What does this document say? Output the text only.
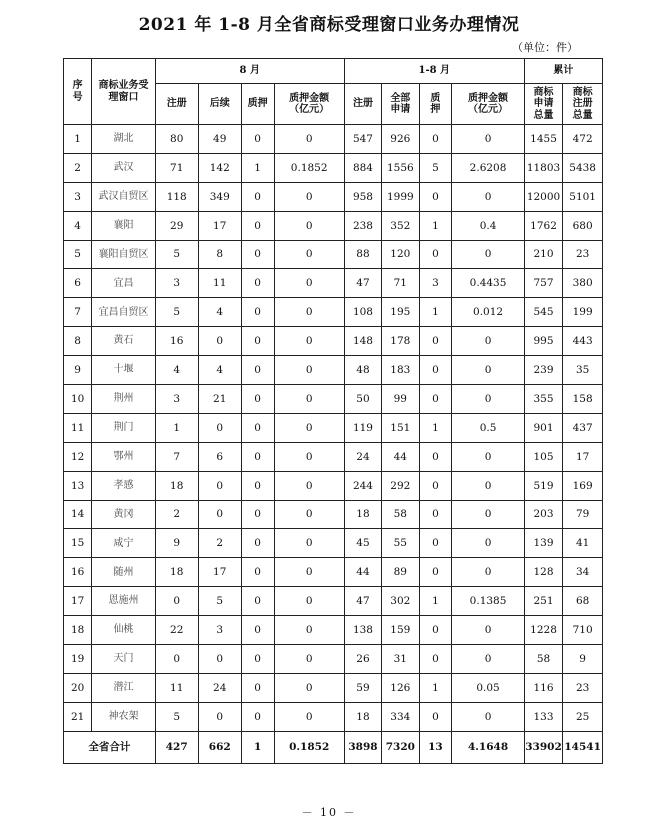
2021 年 1-8 月全省商标受理窗口业务办理情况
（单位：件）
序号	商标业务受理窗口	8 月				1-8 月				累计	
		注册	后续	质押	质押金额（亿元）	注册	全部申请	质押	质押金额（亿元）	商标申请总量	商标注册总量
1	湖北	80	49	0	0	547	926	0	0	1455	472
2	武汉	71	142	1	0.1852	884	1556	5	2.6208	11803	5438
3	武汉自贸区	118	349	0	0	958	1999	0	0	12000	5101
4	襄阳	29	17	0	0	238	352	1	0.4	1762	680
5	襄阳自贸区	5	8	0	0	88	120	0	0	210	23
6	宜昌	3	11	0	0	47	71	3	0.4435	757	380
7	宜昌自贸区	5	4	0	0	108	195	1	0.012	545	199
8	黄石	16	0	0	0	148	178	0	0	995	443
9	十堰	4	4	0	0	48	183	0	0	239	35
10	荆州	3	21	0	0	50	99	0	0	355	158
11	荆门	1	0	0	0	119	151	1	0.5	901	437
12	鄂州	7	6	0	0	24	44	0	0	105	17
13	孝感	18	0	0	0	244	292	0	0	519	169
14	黄冈	2	0	0	0	18	58	0	0	203	79
15	咸宁	9	2	0	0	45	55	0	0	139	41
16	随州	18	17	0	0	44	89	0	0	128	34
17	恩施州	0	5	0	0	47	302	1	0.1385	251	68
18	仙桃	22	3	0	0	138	159	0	0	1228	710
19	天门	0	0	0	0	26	31	0	0	58	9
20	潜江	11	24	0	0	59	126	1	0.05	116	23
21	神农架	5	0	0	0	18	334	0	0	133	25
全省合计		427	662	1	0.1852	3898	7320	13	4.1648	33902	14541
－ 10 －
